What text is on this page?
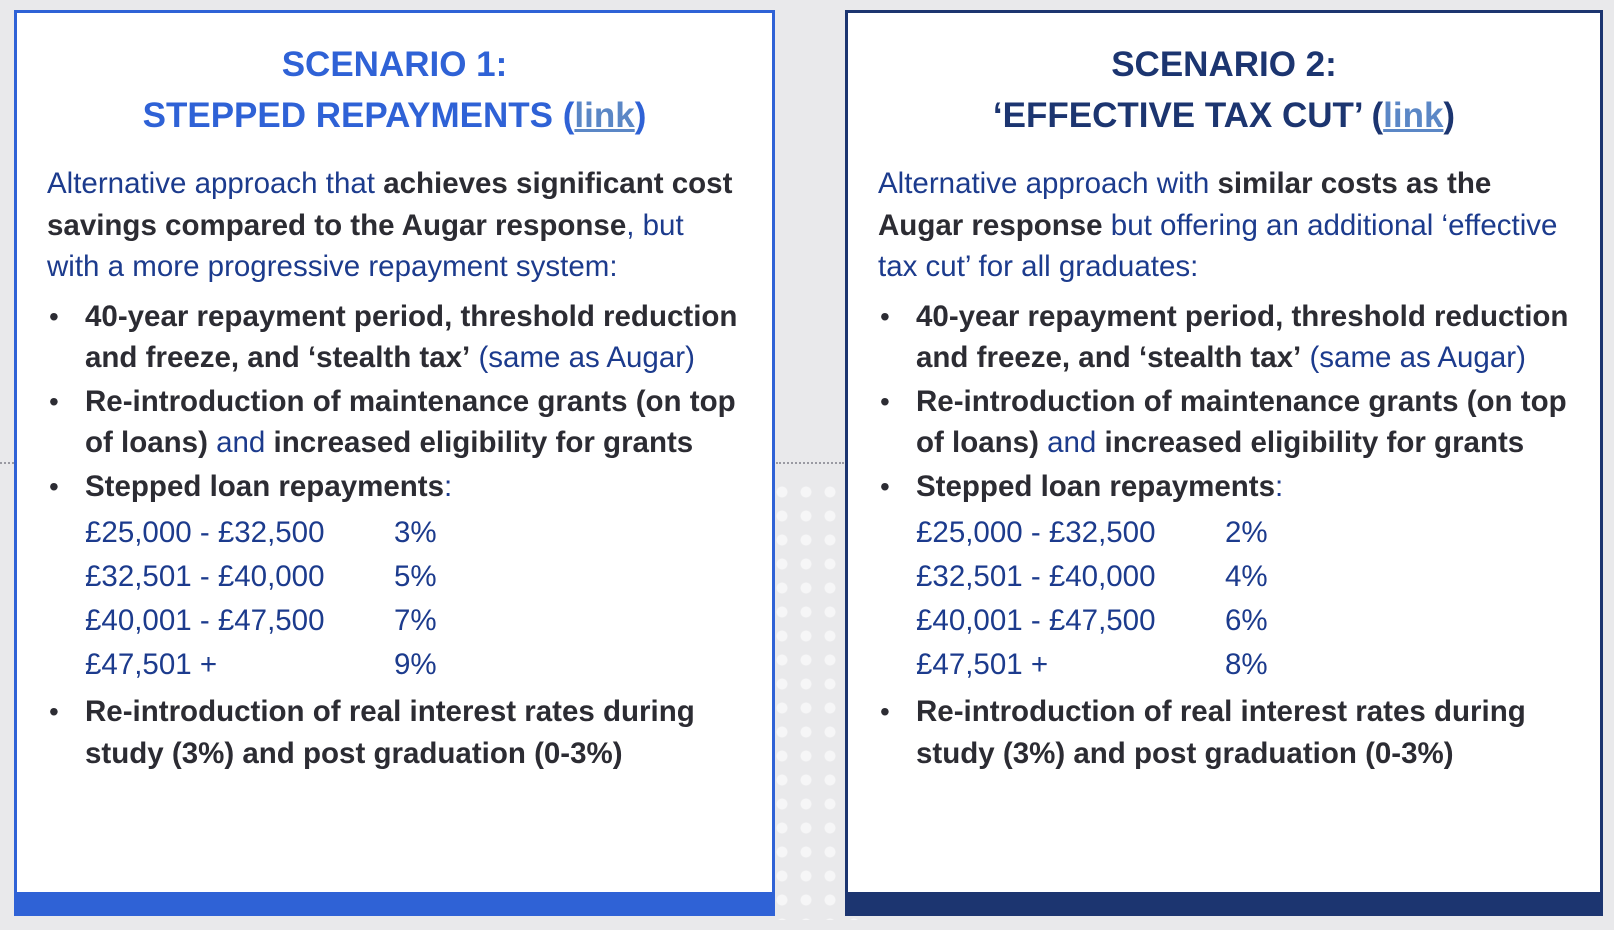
SCENARIO 1:
STEPPED REPAYMENTS (link)
Alternative approach that achieves significant cost savings compared to the Augar response, but with a more progressive repayment system:
• 40-year repayment period, threshold reduction and freeze, and ‘stealth tax’ (same as Augar)
• Re-introduction of maintenance grants (on top of loans) and increased eligibility for grants
• Stepped loan repayments:
£25,000 - £32,500	3%
£32,501 - £40,000	5%
£40,001 - £47,500	7%
£47,501 +	9%
• Re-introduction of real interest rates during study (3%) and post graduation (0-3%)
SCENARIO 2:
‘EFFECTIVE TAX CUT’ (link)
Alternative approach with similar costs as the Augar response but offering an additional ‘effective tax cut’ for all graduates:
• 40-year repayment period, threshold reduction and freeze, and ‘stealth tax’ (same as Augar)
• Re-introduction of maintenance grants (on top of loans) and increased eligibility for grants
• Stepped loan repayments:
£25,000 - £32,500	2%
£32,501 - £40,000	4%
£40,001 - £47,500	6%
£47,501 +	8%
• Re-introduction of real interest rates during study (3%) and post graduation (0-3%)
